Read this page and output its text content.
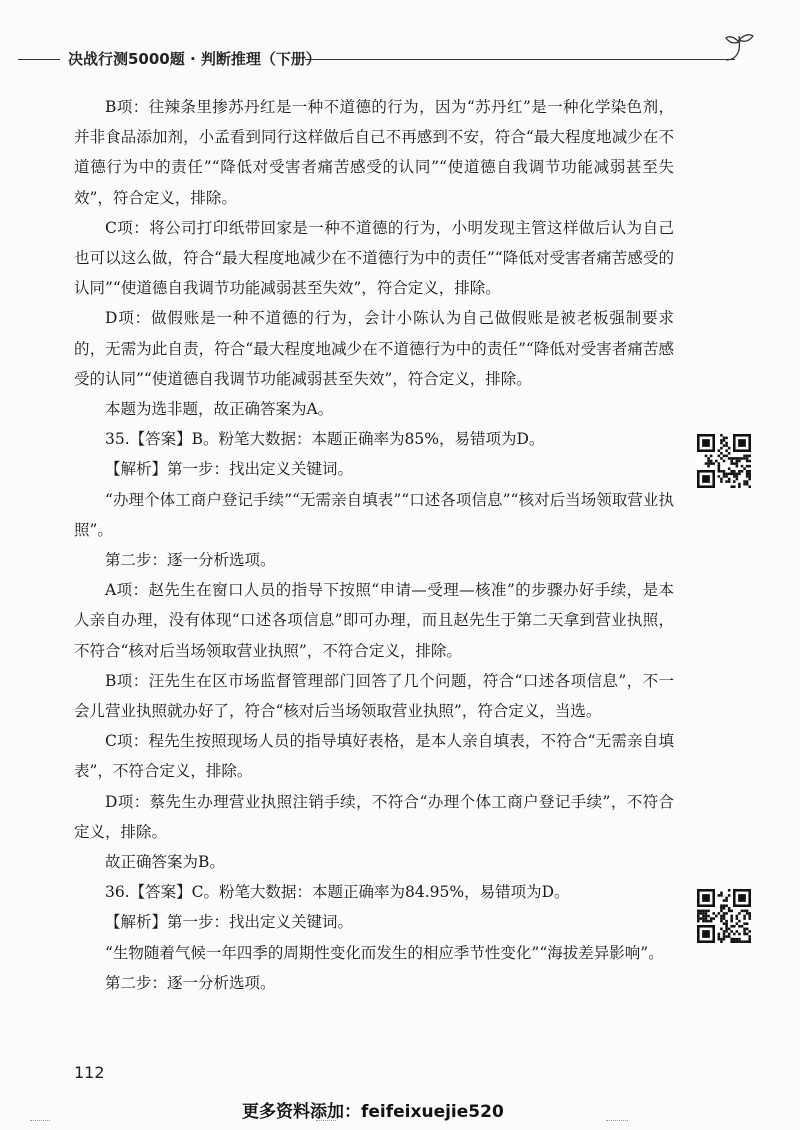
决战行测5000题 · 判断推理（下册）

B项：往辣条里掺苏丹红是一种不道德的行为，因为“苏丹红”是一种化学染色剂，并非食品添加剂，小孟看到同行这样做后自己不再感到不安，符合“最大程度地减少在不道德行为中的责任”“降低对受害者痛苦感受的认同”“使道德自我调节功能减弱甚至失效”，符合定义，排除。

C项：将公司打印纸带回家是一种不道德的行为，小明发现主管这样做后认为自己也可以这么做，符合“最大程度地减少在不道德行为中的责任”“降低对受害者痛苦感受的认同”“使道德自我调节功能减弱甚至失效”，符合定义，排除。

D项：做假账是一种不道德的行为，会计小陈认为自己做假账是被老板强制要求的，无需为此自责，符合“最大程度地减少在不道德行为中的责任”“降低对受害者痛苦感受的认同”“使道德自我调节功能减弱甚至失效”，符合定义，排除。

本题为选非题，故正确答案为A。

35.【答案】B。粉笔大数据：本题正确率为85%，易错项为D。

【解析】第一步：找出定义关键词。

“办理个体工商户登记手续”“无需亲自填表”“口述各项信息”“核对后当场领取营业执照”。

第二步：逐一分析选项。

A项：赵先生在窗口人员的指导下按照“申请—受理—核准”的步骤办好手续，是本人亲自办理，没有体现“口述各项信息”即可办理，而且赵先生于第二天拿到营业执照，不符合“核对后当场领取营业执照”，不符合定义，排除。

B项：汪先生在区市场监督管理部门回答了几个问题，符合“口述各项信息”，不一会儿营业执照就办好了，符合“核对后当场领取营业执照”，符合定义，当选。

C项：程先生按照现场人员的指导填好表格，是本人亲自填表，不符合“无需亲自填表”，不符合定义，排除。

D项：蔡先生办理营业执照注销手续，不符合“办理个体工商户登记手续”，不符合定义，排除。

故正确答案为B。

36.【答案】C。粉笔大数据：本题正确率为84.95%，易错项为D。

【解析】第一步：找出定义关键词。

“生物随着气候一年四季的周期性变化而发生的相应季节性变化”“海拔差异影响”。

第二步：逐一分析选项。

112
更多资料添加：feifeixuejie520
